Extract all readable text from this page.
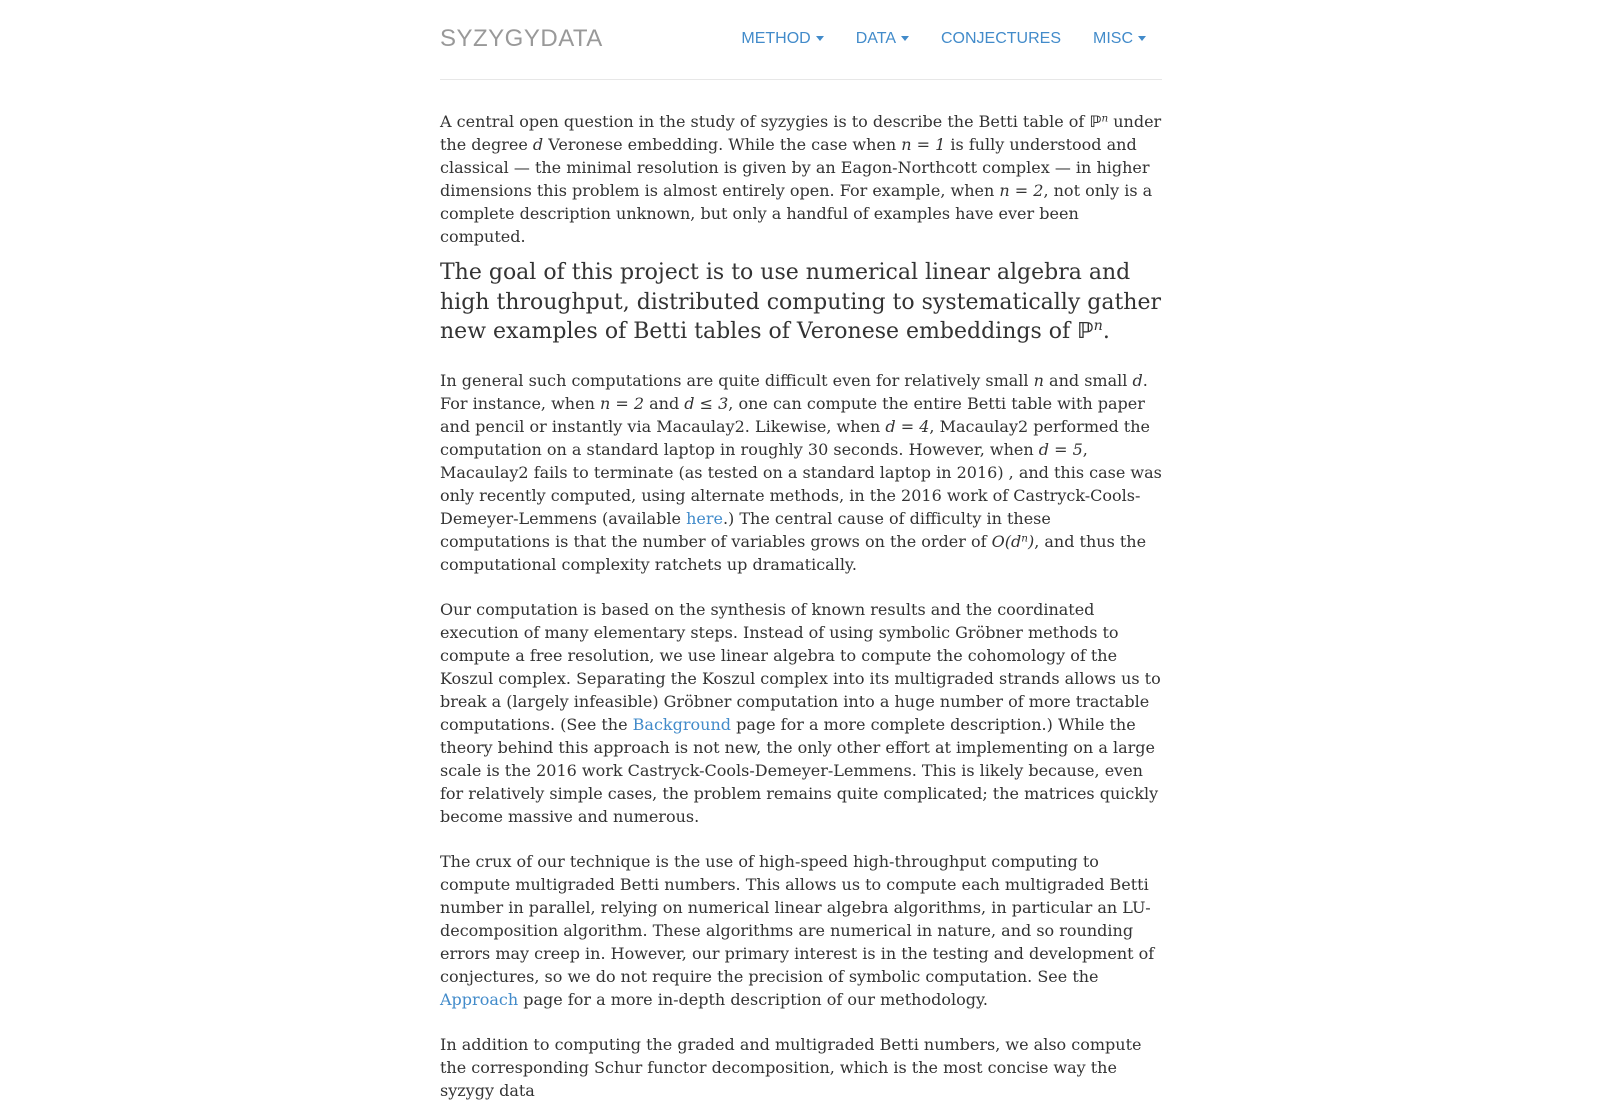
SYZYGYDATA	METHOD	DATA	CONJECTURES MISC

A central open question in the study of syzygies is to describe the Betti table of ℙ$^n$ under the degree d Veronese embedding. While the case when n = 1 is fully understood and classical — the minimal resolution is given by an Eagon-Northcott complex — in higher dimensions this problem is almost entirely open. For example, when n = 2, not only is a complete description unknown, but only a handful of examples have ever been computed.

The goal of this project is to use numerical linear algebra and high throughput, distributed computing to systematically gather new examples of Betti tables of Veronese embeddings of ℙ$^n$.

In general such computations are quite difficult even for relatively small n and small d. For instance, when n = 2 and d ≤ 3, one can compute the entire Betti table with paper and pencil or instantly via Macaulay2. Likewise, when d = 4, Macaulay2 performed the computation on a standard laptop in roughly 30 seconds. However, when d = 5, Macaulay2 fails to terminate (as tested on a standard laptop in 2016) , and this case was only recently computed, using alternate methods, in the 2016 work of Castryck-Cools-Demeyer-Lemmens (available here.) The central cause of difficulty in these computations is that the number of variables grows on the order of $O(d^n)$, and thus the computational complexity ratchets up dramatically.

Our computation is based on the synthesis of known results and the coordinated execution of many elementary steps. Instead of using symbolic Gröbner methods to compute a free resolution, we use linear algebra to compute the cohomology of the Koszul complex. Separating the Koszul complex into its multigraded strands allows us to break a (largely infeasible) Gröbner computation into a huge number of more tractable computations. (See the Background page for a more complete description.) While the theory behind this approach is not new, the only other effort at implementing on a large scale is the 2016 work Castryck-Cools-Demeyer-Lemmens. This is likely because, even for relatively simple cases, the problem remains quite complicated; the matrices quickly become massive and numerous.

The crux of our technique is the use of high-speed high-throughput computing to compute multigraded Betti numbers. This allows us to compute each multigraded Betti number in parallel, relying on numerical linear algebra algorithms, in particular an LU-decomposition algorithm. These algorithms are numerical in nature, and so rounding errors may creep in. However, our primary interest is in the testing and development of conjectures, so we do not require the precision of symbolic computation. See the Approach page for a more in-depth description of our methodology.

In addition to computing the graded and multigraded Betti numbers, we also compute the corresponding Schur functor decomposition, which is the most concise way the syzygy data
